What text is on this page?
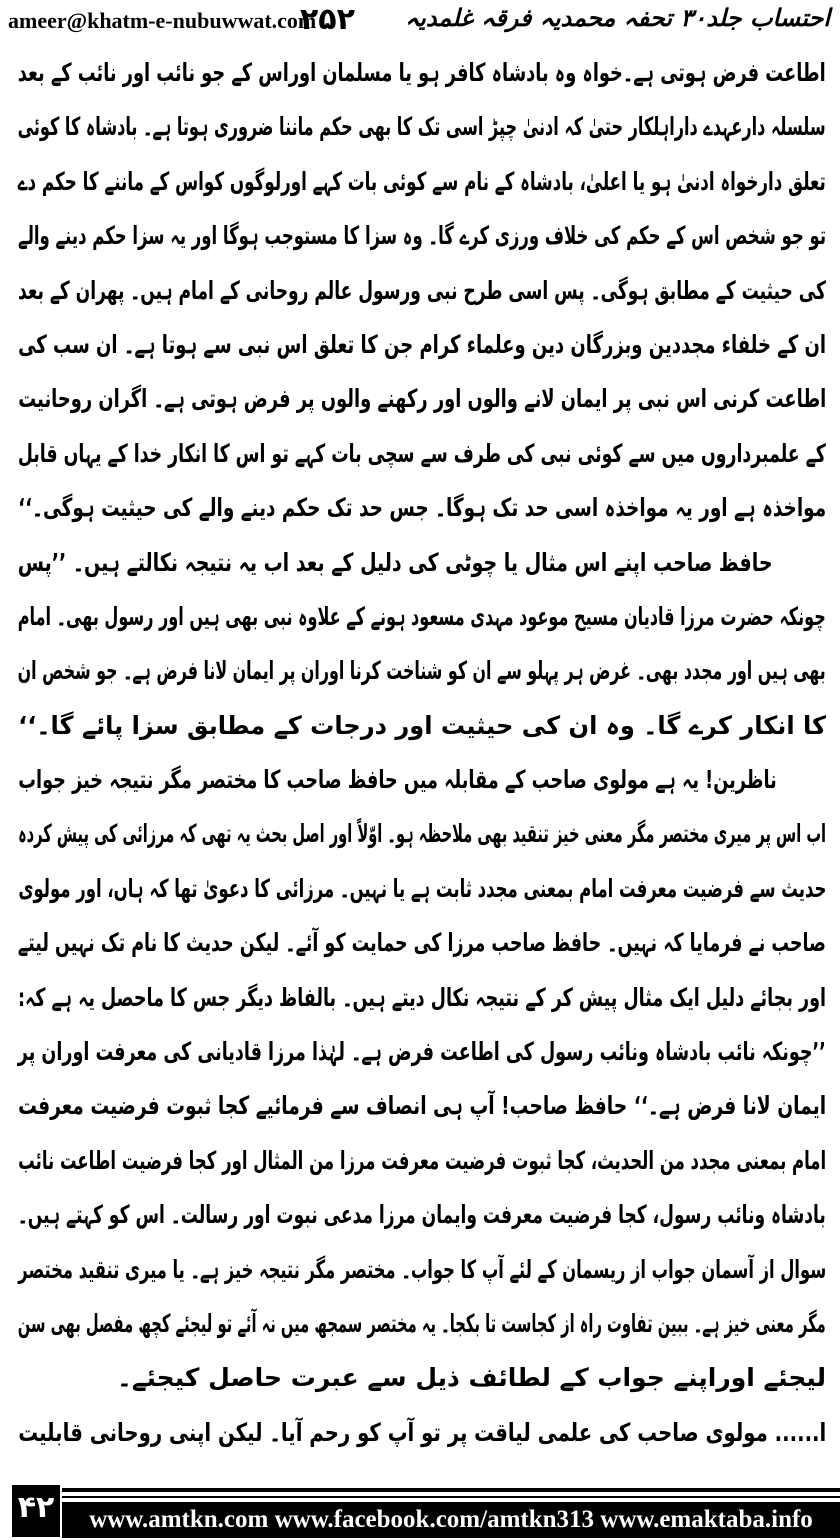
ameer@khatm-e-nubuwwat.com
۲۵۲ احتساب جلد۳۰ تحفہ محمدیہ فرقہ غلمدیہ
اطاعت فرض ہوتی ہے۔خواہ وہ بادشاہ کافر ہو یا مسلمان اوراس کے جو نائب اور نائب کے بعد
سلسلہ دارعہدے داراہلکار حتیٰ کہ ادنیٰ چپڑ اسی تک کا بھی حکم ماننا ضروری ہوتا ہے۔ بادشاہ کا کوئی
تعلق دارخواہ ادنیٰ ہو یا اعلیٰ، بادشاہ کے نام سے کوئی بات کہے اورلوگوں کواس کے ماننے کا حکم دے
تو جو شخص اس کے حکم کی خلاف ورزی کرے گا۔ وہ سزا کا مستوجب ہوگا اور یہ سزا حکم دینے والے
کی حیثیت کے مطابق ہوگی۔ پس اسی طرح نبی ورسول عالم روحانی کے امام ہیں۔ پھران کے بعد
ان کے خلفاء مجددین وبزرگان دین وعلماء کرام جن کا تعلق اس نبی سے ہوتا ہے۔ ان سب کی
اطاعت کرنی اس نبی پر ایمان لانے والوں اور رکھنے والوں پر فرض ہوتی ہے۔ اگران روحانیت
کے علمبرداروں میں سے کوئی نبی کی طرف سے سچی بات کہے تو اس کا انکار خدا کے یہاں قابل
مواخذہ ہے اور یہ مواخذہ اسی حد تک ہوگا۔ جس حد تک حکم دینے والے کی حیثیت ہوگی۔‘‘
حافظ صاحب اپنے اس مثال یا چوٹی کی دلیل کے بعد اب یہ نتیجہ نکالتے ہیں۔ ’’پس
چونکہ حضرت مرزا قادیان مسیح موعود مہدی مسعود ہونے کے علاوہ نبی بھی ہیں اور رسول بھی۔ امام
بھی ہیں اور مجدد بھی۔ غرض ہر پہلو سے ان کو شناخت کرنا اوران پر ایمان لانا فرض ہے۔ جو شخص ان
کا انکار کرے گا۔ وہ ان کی حیثیت اور درجات کے مطابق سزا پائے گا۔‘‘
ناظرین! یہ ہے مولوی صاحب کے مقابلہ میں حافظ صاحب کا مختصر مگر نتیجہ خیز جواب
اب اس پر میری مختصر مگر معنی خیز تنقید بھی ملاحظہ ہو۔ اوّلاً اور اصل بحث یہ تھی کہ مرزائی کی پیش کردہ
حدیث سے فرضیت معرفت امام بمعنی مجدد ثابت ہے یا نہیں۔ مرزائی کا دعویٰ تھا کہ ہاں، اور مولوی
صاحب نے فرمایا کہ نہیں۔ حافظ صاحب مرزا کی حمایت کو آئے۔ لیکن حدیث کا نام تک نہیں لیتے
اور بجائے دلیل ایک مثال پیش کر کے نتیجہ نکال دیتے ہیں۔ بالفاظ دیگر جس کا ماحصل یہ ہے کہ:
’’چونکہ نائب بادشاہ ونائب رسول کی اطاعت فرض ہے۔ لہٰذا مرزا قادیانی کی معرفت اوران پر
ایمان لانا فرض ہے۔‘‘ حافظ صاحب! آپ ہی انصاف سے فرمائیے کجا ثبوت فرضیت معرفت
امام بمعنی مجدد من الحدیث، کجا ثبوت فرضیت معرفت مرزا من المثال اور کجا فرضیت اطاعت نائب
بادشاہ ونائب رسول، کجا فرضیت معرفت وایمان مرزا مدعی نبوت اور رسالت۔ اس کو کہتے ہیں۔
سوال از آسمان جواب از ریسمان کے لئے آپ کا جواب۔ مختصر مگر نتیجہ خیز ہے۔ یا میری تنقید مختصر
مگر معنی خیز ہے۔ ببین تفاوت راہ از کجاست تا بکجا۔ یہ مختصر سمجھ میں نہ آئے تو لیجئے کچھ مفصل بھی سن
لیجئے اوراپنے جواب کے لطائف ذیل سے عبرت حاصل کیجئے۔
ا...... مولوی صاحب کی علمی لیاقت پر تو آپ کو رحم آیا۔ لیکن اپنی روحانی قابلیت
۴۲	www.amtkn.com www.facebook.com/amtkn313 www.emaktaba.info
